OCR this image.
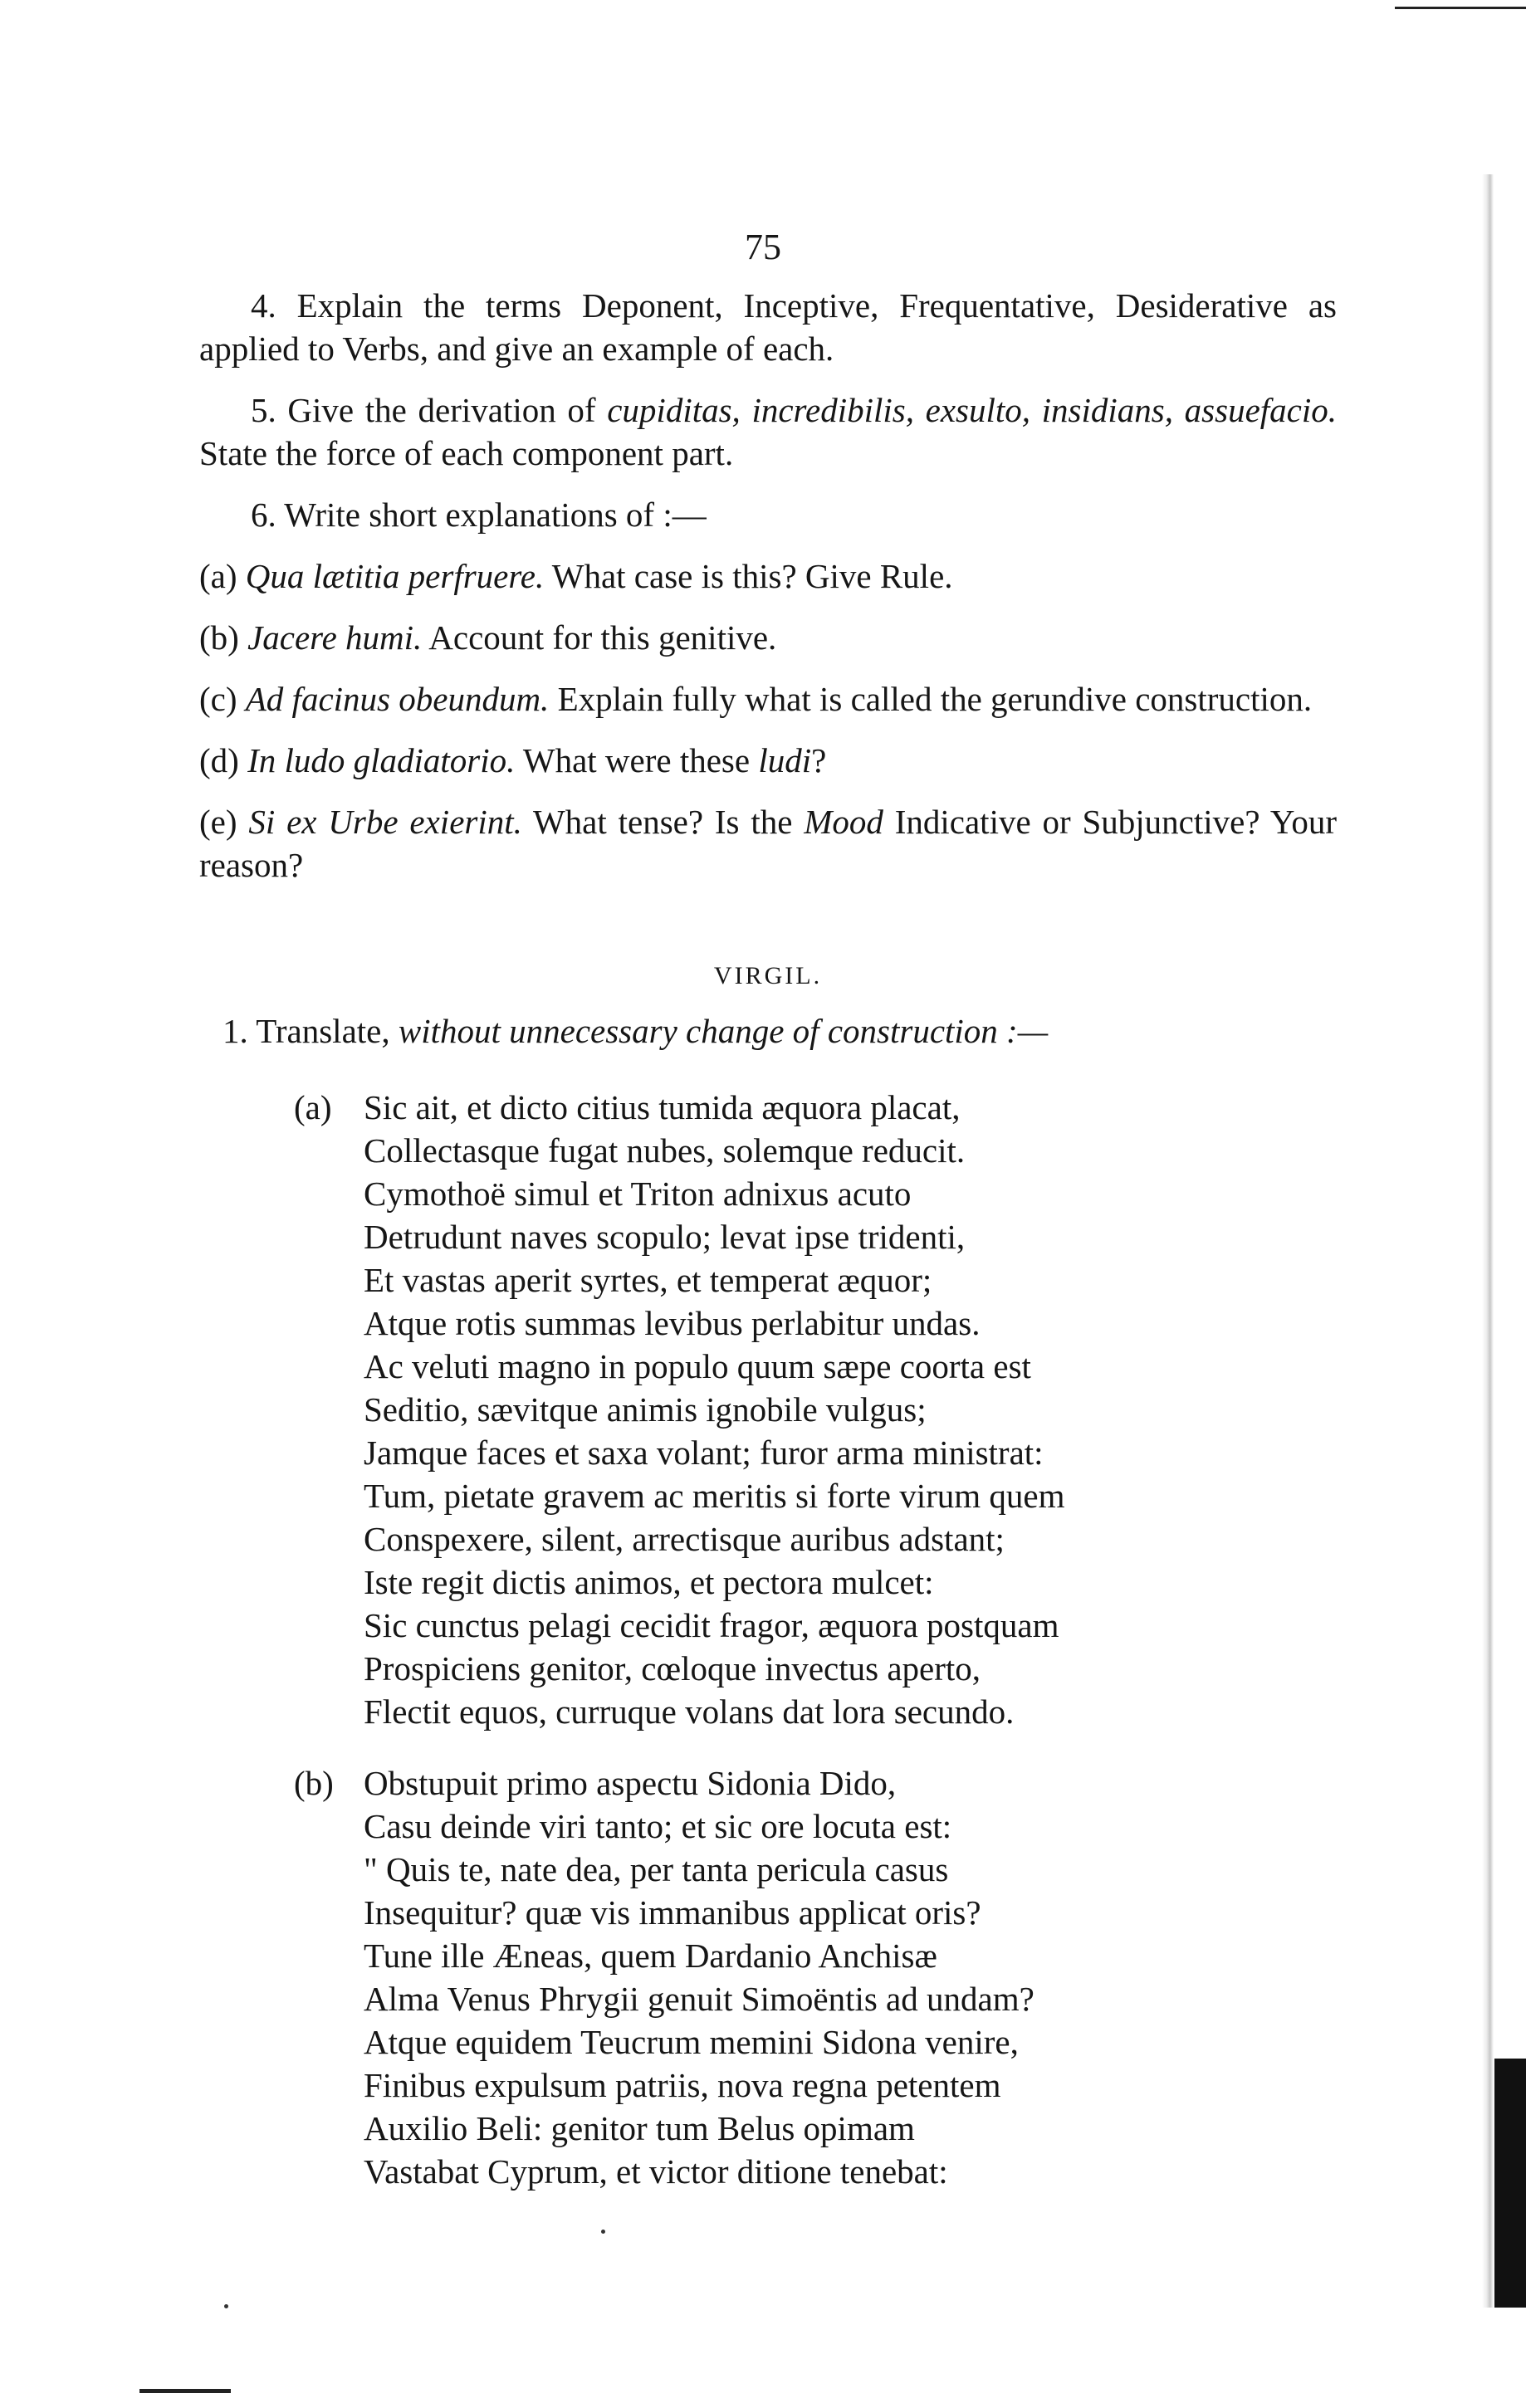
75

4. Explain the terms Deponent, Inceptive, Frequentative, Desiderative as applied to Verbs, and give an example of each.

5. Give the derivation of cupiditas, incredibilis, exsulto, insidians, assuefacio. State the force of each component part.

6. Write short explanations of :—

(a) Qua lætitia perfruere. What case is this? Give Rule.

(b) Jacere humi. Account for this genitive.

(c) Ad facinus obeundum. Explain fully what is called the gerundive construction.

(d) In ludo gladiatorio. What were these ludi?

(e) Si ex Urbe exierint. What tense? Is the Mood Indicative or Subjunctive? Your reason?

VIRGIL.

1. Translate, without unnecessary change of construction :—

(a) Sic ait, et dicto citius tumida æquora placat,
Collectasque fugat nubes, solemque reducit.
Cymothoë simul et Triton adnixus acuto
Detrudunt naves scopulo; levat ipse tridenti,
Et vastas aperit syrtes, et temperat æquor;
Atque rotis summas levibus perlabitur undas.
Ac veluti magno in populo quum sæpe coorta est
Seditio, sævitque animis ignobile vulgus;
Jamque faces et saxa volant; furor arma ministrat:
Tum, pietate gravem ac meritis si forte virum quem
Conspexere, silent, arrectisque auribus adstant;
Iste regit dictis animos, et pectora mulcet:
Sic cunctus pelagi cecidit fragor, æquora postquam
Prospiciens genitor, cœloque invectus aperto,
Flectit equos, curruque volans dat lora secundo.
(b) Obstupuit primo aspectu Sidonia Dido,
Casu deinde viri tanto; et sic ore locuta est:
" Quis te, nate dea, per tanta pericula casus
Insequitur? quæ vis immanibus applicat oris?
Tune ille Æneas, quem Dardanio Anchisæ
Alma Venus Phrygii genuit Simoëntis ad undam?
Atque equidem Teucrum memini Sidona venire,
Finibus expulsum patriis, nova regna petentem
Auxilio Beli: genitor tum Belus opimam
Vastabat Cyprum, et victor ditione tenebat:
